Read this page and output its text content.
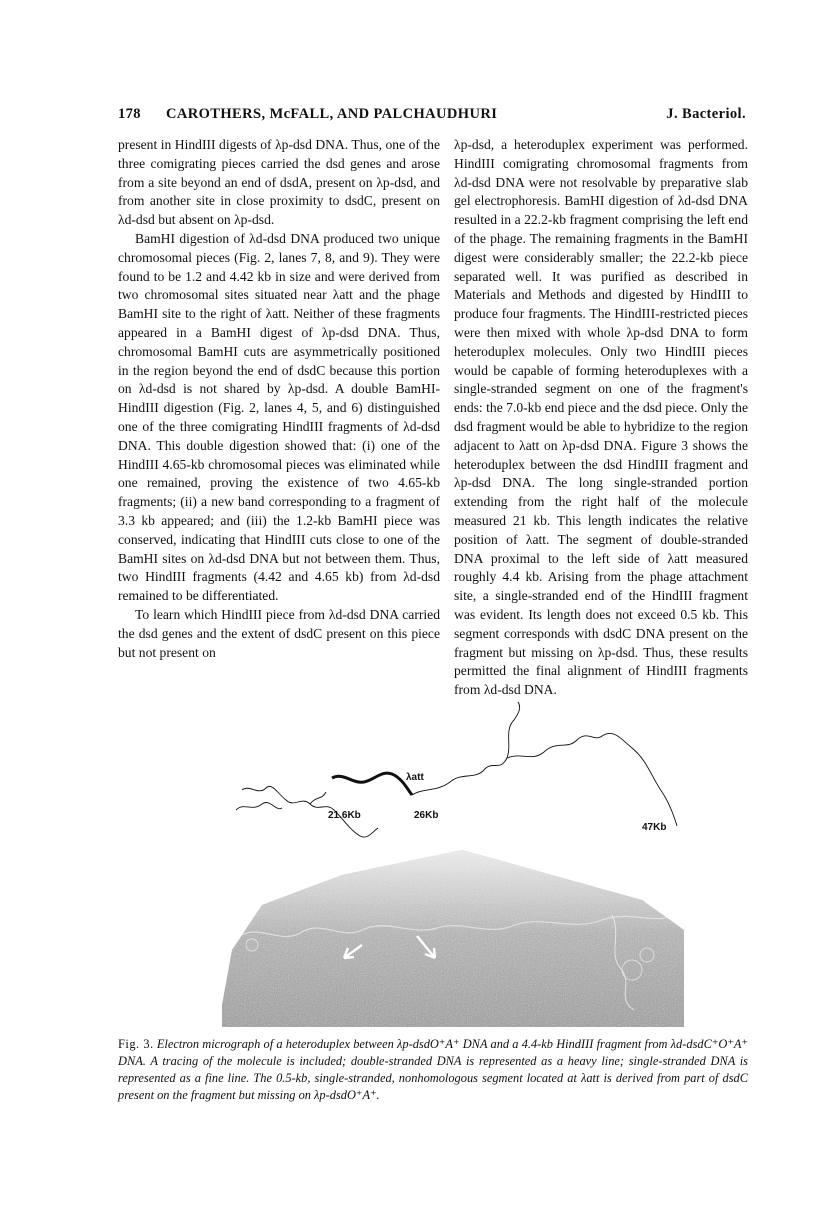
178 CAROTHERS, McFALL, AND PALCHAUDHURI	J. Bacteriol.

present in HindIII digests of λp-dsd DNA. Thus, one of the three comigrating pieces carried the dsd genes and arose from a site beyond an end of dsdA, present on λp-dsd, and from another site in close proximity to dsdC, present on λd-dsd but absent on λp-dsd.

BamHI digestion of λd-dsd DNA produced two unique chromosomal pieces (Fig. 2, lanes 7, 8, and 9). They were found to be 1.2 and 4.42 kb in size and were derived from two chromosomal sites situated near λatt and the phage BamHI site to the right of λatt. Neither of these fragments appeared in a BamHI digest of λp-dsd DNA. Thus, chromosomal BamHI cuts are asymmetrically positioned in the region beyond the end of dsdC because this portion on λd-dsd is not shared by λp-dsd. A double BamHI-HindIII digestion (Fig. 2, lanes 4, 5, and 6) distinguished one of the three comigrating HindIII fragments of λd-dsd DNA. This double digestion showed that: (i) one of the HindIII 4.65-kb chromosomal pieces was eliminated while one remained, proving the existence of two 4.65-kb fragments; (ii) a new band corresponding to a fragment of 3.3 kb appeared; and (iii) the 1.2-kb BamHI piece was conserved, indicating that HindIII cuts close to one of the BamHI sites on λd-dsd DNA but not between them. Thus, two HindIII fragments (4.42 and 4.65 kb) from λd-dsd remained to be differentiated.

To learn which HindIII piece from λd-dsd DNA carried the dsd genes and the extent of dsdC present on this piece but not present on

λp-dsd, a heteroduplex experiment was performed. HindIII comigrating chromosomal fragments from λd-dsd DNA were not resolvable by preparative slab gel electrophoresis. BamHI digestion of λd-dsd DNA resulted in a 22.2-kb fragment comprising the left end of the phage. The remaining fragments in the BamHI digest were considerably smaller; the 22.2-kb piece separated well. It was purified as described in Materials and Methods and digested by HindIII to produce four fragments. The HindIII-restricted pieces were then mixed with whole λp-dsd DNA to form heteroduplex molecules. Only two HindIII pieces would be capable of forming heteroduplexes with a single-stranded segment on one of the fragment's ends: the 7.0-kb end piece and the dsd piece. Only the dsd fragment would be able to hybridize to the region adjacent to λatt on λp-dsd DNA. Figure 3 shows the heteroduplex between the dsd HindIII fragment and λp-dsd DNA. The long single-stranded portion extending from the right half of the molecule measured 21 kb. This length indicates the relative position of λatt. The segment of double-stranded DNA proximal to the left side of λatt measured roughly 4.4 kb. Arising from the phage attachment site, a single-stranded end of the HindIII fragment was evident. Its length does not exceed 0.5 kb. This segment corresponds with dsdC DNA present on the fragment but missing on λp-dsd. Thus, these results permitted the final alignment of HindIII fragments from λd-dsd DNA.

λatt
21.6Kb	26Kb
47Kb
Fig. 3. Electron micrograph of a heteroduplex between λp-dsdO⁺A⁺ DNA and a 4.4-kb HindIII fragment from λd-dsdC⁺O⁺A⁺ DNA. A tracing of the molecule is included; double-stranded DNA is represented as a heavy line; single-stranded DNA is represented as a fine line. The 0.5-kb, single-stranded, nonhomologous segment located at λatt is derived from part of dsdC present on the fragment but missing on λp-dsdO⁺A⁺.
